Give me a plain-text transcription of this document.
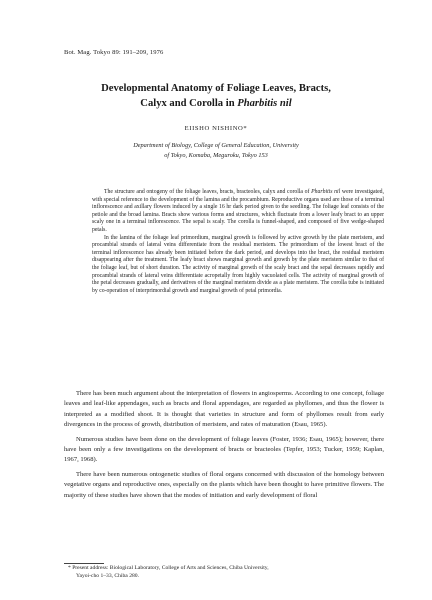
Bot. Mag. Tokyo 89: 191–209, 1976
Developmental Anatomy of Foliage Leaves, Bracts,
Calyx and Corolla in Pharbitis nil
EIISHO NISHINO*
Department of Biology, College of General Education, University
of Tokyo, Komaba, Meguroku, Tokyo 153

The structure and ontogeny of the foliage leaves, bracts, bracteoles, calyx and corolla of Pharbitis nil were investigated, with special reference to the development of the lamina and the procambium. Reproductive organs used are those of a terminal inflorescence and axillary flowers induced by a single 16 hr dark period given to the seedling. The foliage leaf consists of the petiole and the broad lamina. Bracts show various forms and structures, which fluctuate from a lower leafy bract to an upper scaly one in a terminal inflorescence. The sepal is scaly. The corolla is funnel-shaped, and composed of five wedge-shaped petals.

In the lamina of the foliage leaf primordium, marginal growth is followed by active growth by the plate meristem, and procambial strands of lateral veins differentiate from the residual meristem. The primordium of the lowest bract of the terminal inflorescence has already been initiated before the dark period, and develops into the bract, the residual meristem disappearing after the treatment. The leafy bract shows marginal growth and growth by the plate meristem similar to that of the foliage leaf, but of short duration. The activity of marginal growth of the scaly bract and the sepal decreases rapidly and procambial strands of lateral veins differentiate acropetally from highly vacuolated cells. The activity of marginal growth of the petal decreases gradually, and derivatives of the marginal meristem divide as a plate meristem. The corolla tube is initiated by co-operation of interprimordial growth and marginal growth of petal primordia.

There has been much argument about the interpretation of flowers in angiosperms. According to one concept, foliage leaves and leaf-like appendages, such as bracts and floral appendages, are regarded as phyllomes, and thus the flower is interpreted as a modified shoot. It is thought that varieties in structure and form of phyllomes result from early divergences in the process of growth, distribution of meristem, and rates of maturation (Esau, 1965).

Numerous studies have been done on the development of foliage leaves (Foster, 1936; Esau, 1965); however, there have been only a few investigations on the development of bracts or bracteoles (Tepfer, 1953; Tucker, 1959; Kaplan, 1967, 1968).

There have been numerous ontogenetic studies of floral organs concerned with discussion of the homology between vegetative organs and reproductive ones, especially on the plants which have been thought to have primitive flowers. The majority of these studies have shown that the modes of initiation and early development of floral

* Present address: Biological Laboratory, College of Arts and Sciences, Chiba University,
Yayoi-cho 1–33, Chiba 280.
